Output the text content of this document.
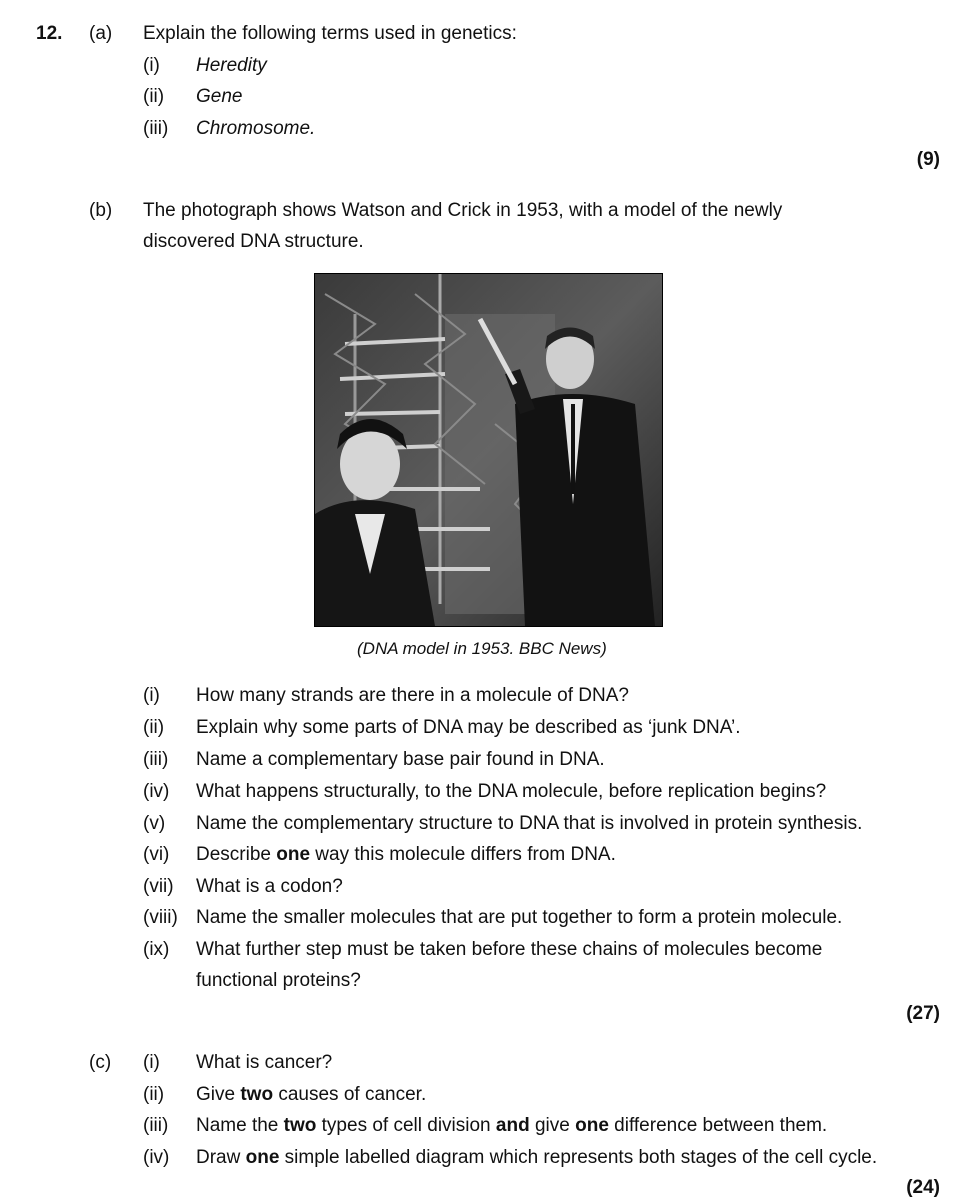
12. (a) Explain the following terms used in genetics:
(i) Heredity
(ii) Gene
(iii) Chromosome.
(9)
(b) The photograph shows Watson and Crick in 1953, with a model of the newly
discovered DNA structure.
(DNA model in 1953. BBC News)
(i) How many strands are there in a molecule of DNA?
(ii) Explain why some parts of DNA may be described as ‘junk DNA’.
(iii) Name a complementary base pair found in DNA.
(iv) What happens structurally, to the DNA molecule, before replication begins?
(v) Name the complementary structure to DNA that is involved in protein synthesis.
(vi) Describe one way this molecule differs from DNA.
(vii) What is a codon?
(viii) Name the smaller molecules that are put together to form a protein molecule.
(ix) What further step must be taken before these chains of molecules become
functional proteins?
(27)
(c) (i) What is cancer?
(ii) Give two causes of cancer.
(iii) Name the two types of cell division and give one difference between them.
(iv) Draw one simple labelled diagram which represents both stages of the cell cycle.
(24)
